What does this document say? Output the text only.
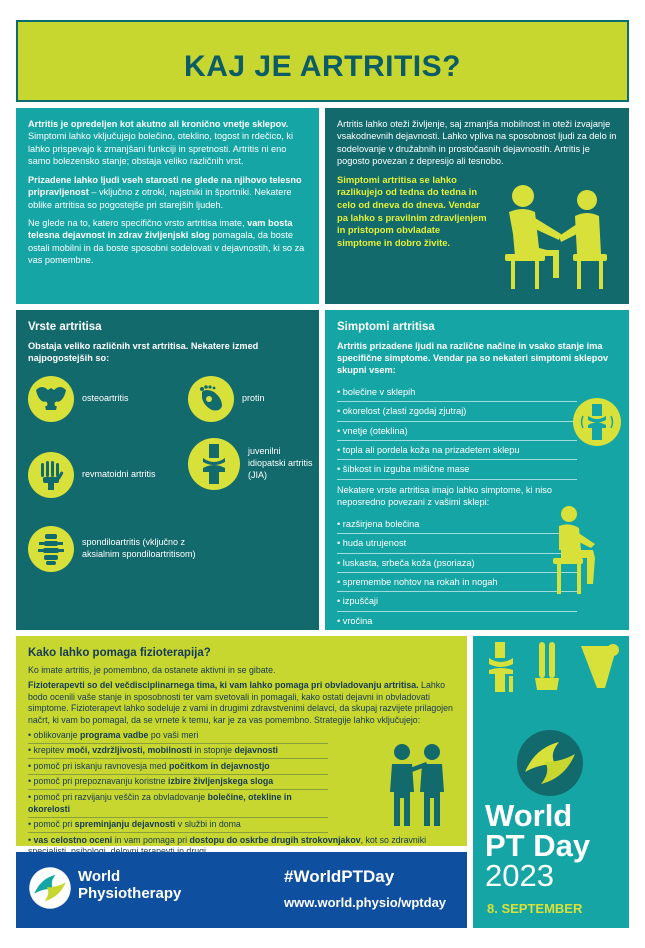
KAJ JE ARTRITIS?

Artritis je opredeljen kot akutno ali kronično vnetje sklepov. Simptomi lahko vključujejo bolečino, oteklino, togost in rdečico, ki lahko prispevajo k zmanjšani funkciji in spretnosti. Artritis ni eno samo bolezensko stanje; obstaja veliko različnih vrst.

Prizadene lahko ljudi vseh starosti ne glede na njihovo telesno pripravljenost – vključno z otroki, najstniki in športniki. Nekatere oblike artritisa so pogostejše pri starejših ljudeh.

Ne glede na to, katero specifično vrsto artritisa imate, vam bosta telesna dejavnost in zdrav življenjski slog pomagala, da boste ostali mobilni in da boste sposobni sodelovati v dejavnostih, ki so za vas pomembne.

Artritis lahko oteži življenje, saj zmanjša mobilnost in oteži izvajanje vsakodnevnih dejavnosti. Lahko vpliva na sposobnost ljudi za delo in sodelovanje v družabnih in prostočasnih dejavnostih. Artritis je pogosto povezan z depresijo ali tesnobo.

Simptomi artritisa se lahko razlikujejo od tedna do tedna in celo od dneva do dneva. Vendar pa lahko s pravilnim zdravljenjem in pristopom obvladate simptome in dobro živite.

Vrste artritisa

Obstaja veliko različnih vrst artritisa. Nekatere izmed najpogostejših so:

osteoartritis	protin
revmatoidni artritis
juvenilni idiopatski artritis (JIA)
spondiloartritis (vključno z aksialnim spondiloartritisom)
Simptomi artritisa

Artritis prizadene ljudi na različne načine in vsako stanje ima specifične simptome. Vendar pa so nekateri simptomi sklepov skupni vsem:

• bolečine v sklepih
• okorelost (zlasti zgodaj zjutraj)
• vnetje (oteklina)
• topla ali pordela koža na prizadetem sklepu
• šibkost in izguba mišične mase

Nekatere vrste artritisa imajo lahko simptome, ki niso neposredno povezani z vašimi sklepi:

• razširjena bolečina
• huda utrujenost
• luskasta, srbeča koža (psoriaza)
• spremembe nohtov na rokah in nogah
• izpuščaji
• vročina
•
•
Kako lahko pomaga fizioterapija?

Ko imate artritis, je pomembno, da ostanete aktivni in se gibate.

Fizioterapevti so del večdisciplinarnega tima, ki vam lahko pomaga pri obvladovanju artritisa. Lahko bodo ocenili vaše stanje in sposobnosti ter vam svetovali in pomagali, kako ostati dejavni in obvladovati simptome. Fizioterapevt lahko sodeluje z vami in drugimi zdravstvenimi delavci, da skupaj razvijete prilagojen načrt, ki vam bo pomagal, da se vrnete k temu, kar je za vas pomembno. Strategije lahko vključujejo:

• oblikovanje programa vadbe po vaši meri
• krepitev moči, vzdržljivosti, mobilnosti in stopnje dejavnosti
• pomoč pri iskanju ravnovesja med počitkom in dejavnostjo
• pomoč pri prepoznavanju koristne izbire življenjskega sloga
• pomoč pri razvijanju veščin za obvladovanje bolečine, otekline in okorelosti
• pomoč pri spreminjanju dejavnosti v službi in doma
• vas celostno oceni in vam pomaga pri dostopu do oskrbe drugih strokovnjakov, kot so zdravniki
World
PT Day
2023
8. SEPTEMBER
World
Physiotherapy
#WorldPTDay
www.world.physio/wptday
